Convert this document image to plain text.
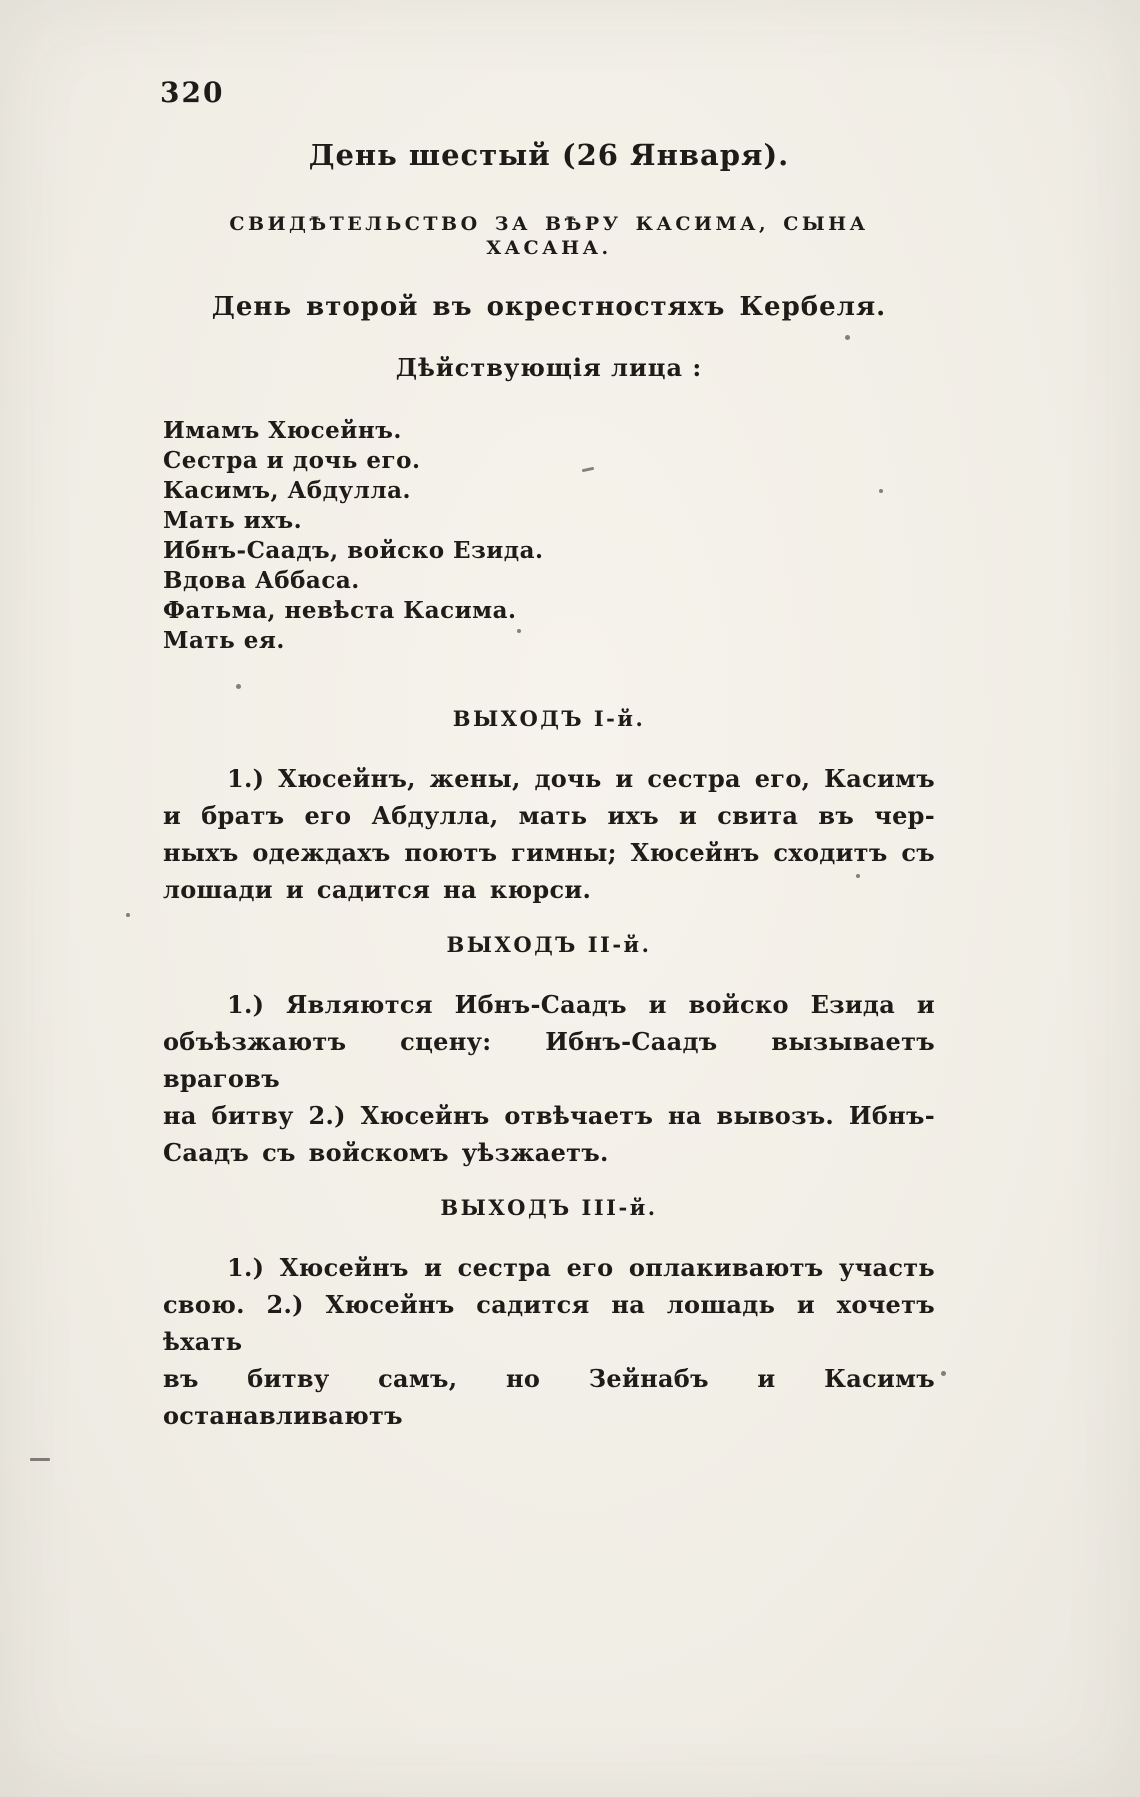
320
День шестый (26 Января).
СВИДѢТЕЛЬСТВО ЗА ВѢРУ КАСИМА, СЫНА ХАСАНА.
День второй въ окрестностяхъ Кербеля.
Дѣйствующія лица :
Имамъ Хюсейнъ.
Сестра и дочь его.
Касимъ, Абдулла.
Мать ихъ.
Ибнъ-Саадъ, войско Езида.
Вдова Аббаса.
Фатьма, невѣста Касима.
Мать ея.
ВЫХОДЪ I-й.
1.) Хюсейнъ, жены, дочь и сестра его, Касимъ
и братъ его Абдулла, мать ихъ и свита въ чер-
ныхъ одеждахъ поютъ гимны; Хюсейнъ сходитъ съ
лошади и садится на кюрси.
ВЫХОДЪ II-й.
1.) Являются Ибнъ-Саадъ и войско Езида и
объѣзжаютъ сцену: Ибнъ-Саадъ вызываетъ враговъ
на битву 2.) Хюсейнъ отвѣчаетъ на вывозъ. Ибнъ-
Саадъ съ войскомъ уѣзжаетъ.
ВЫХОДЪ III-й.
1.) Хюсейнъ и сестра его оплакиваютъ участь
свою. 2.) Хюсейнъ садится на лошадь и хочетъ ѣхать
въ битву самъ, но Зейнабъ и Касимъ останавливаютъ
